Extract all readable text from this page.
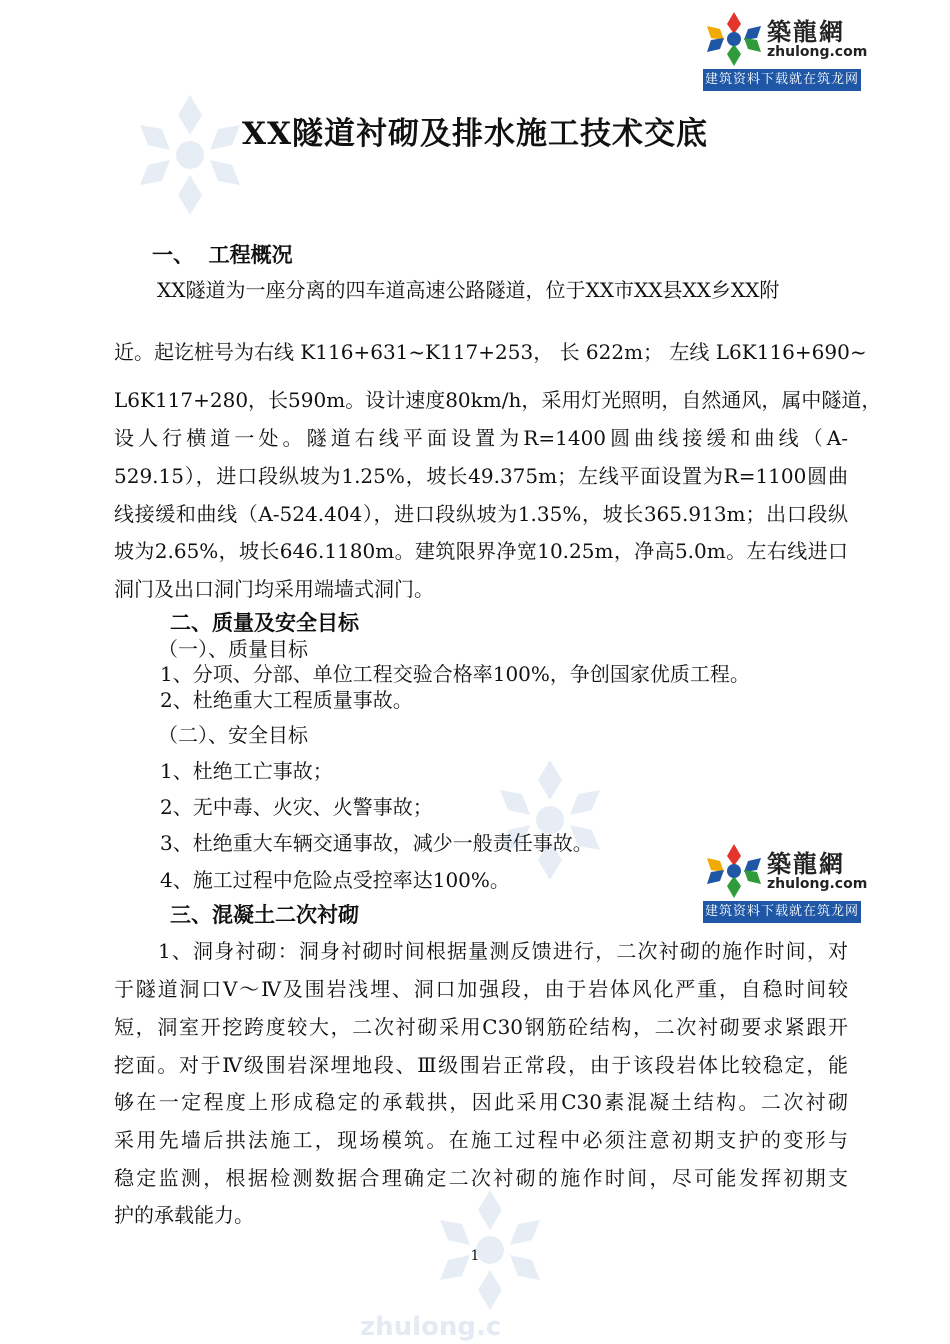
築龍網
zhulong.com
建筑资料下载就在筑龙网
XX隧道衬砌及排水施工技术交底
一、  工程概况
XX隧道为一座分离的四车道高速公路隧道，位于XX市XX县XX乡XX附
近。起讫桩号为右线 K116+631~K117+253， 长 622m； 左线 L6K116+690~
L6K117+280，长590m。设计速度80km/h，采用灯光照明，自然通风，属中隧道，
设人行横道一处。隧道右线平面设置为R=1400圆曲线接缓和曲线（A-
529.15），进口段纵坡为1.25%，坡长49.375m；左线平面设置为R=1100圆曲
线接缓和曲线（A-524.404），进口段纵坡为1.35%，坡长365.913m；出口段纵
坡为2.65%，坡长646.1180m。建筑限界净宽10.25m，净高5.0m。左右线进口
洞门及出口洞门均采用端墙式洞门。
二、质量及安全目标
（一）、质量目标
1、分项、分部、单位工程交验合格率100%，争创国家优质工程。
2、杜绝重大工程质量事故。
（二）、安全目标
1、杜绝工亡事故；
2、无中毒、火灾、火警事故；
3、杜绝重大车辆交通事故，减少一般责任事故。
4、施工过程中危险点受控率达100%。
築龍網
zhulong.com
建筑资料下载就在筑龙网
三、混凝土二次衬砌
1、洞身衬砌：洞身衬砌时间根据量测反馈进行，二次衬砌的施作时间，对
于隧道洞口Ⅴ～Ⅳ及围岩浅埋、洞口加强段，由于岩体风化严重，自稳时间较
短，洞室开挖跨度较大，二次衬砌采用C30钢筋砼结构，二次衬砌要求紧跟开
挖面。对于Ⅳ级围岩深埋地段、Ⅲ级围岩正常段，由于该段岩体比较稳定，能
够在一定程度上形成稳定的承载拱，因此采用C30素混凝土结构。二次衬砌
采用先墙后拱法施工，现场模筑。在施工过程中必须注意初期支护的变形与
稳定监测，根据检测数据合理确定二次衬砌的施作时间，尽可能发挥初期支
护的承载能力。
1
zhulong.c
